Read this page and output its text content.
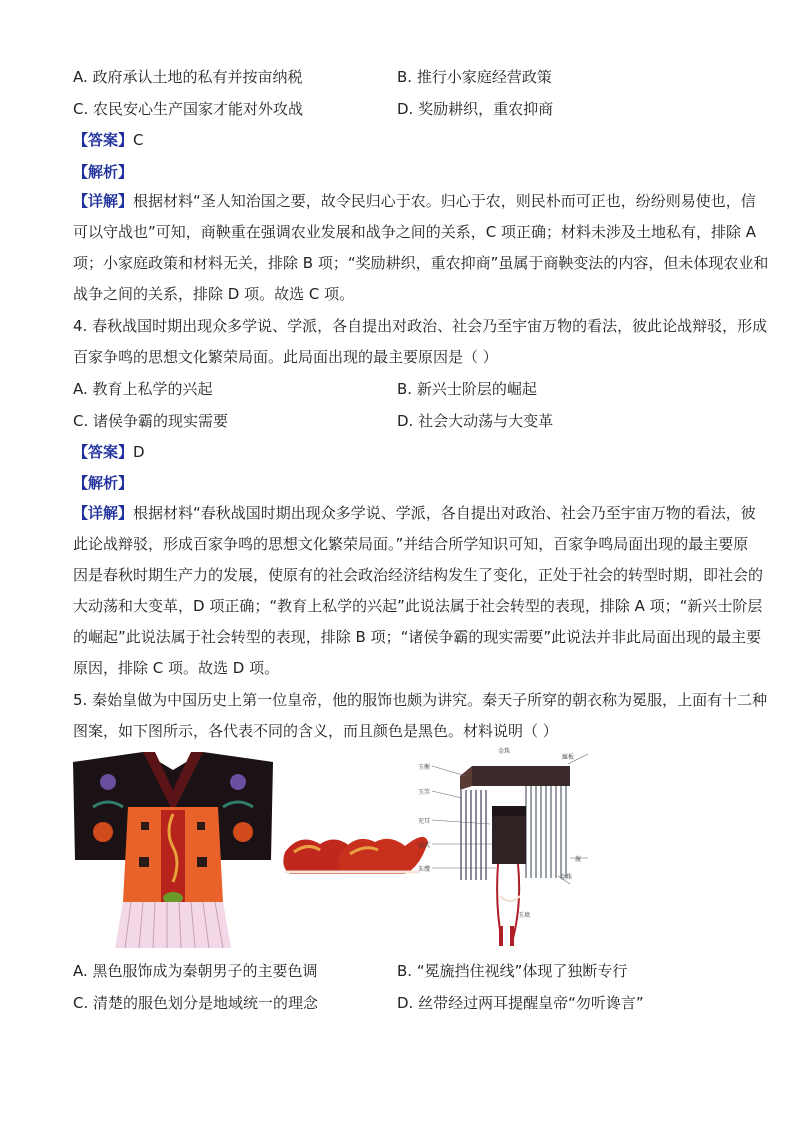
A. 政府承认土地的私有并按亩纳税	B. 推行小家庭经营政策
C. 农民安心生产国家才能对外攻战	D. 奖励耕织，重农抑商
【答案】C
【解析】
【详解】根据材料“圣人知治国之要，故令民归心于农。归心于农，则民朴而可正也，纷纷则易使也，信
可以守战也”可知，商鞅重在强调农业发展和战争之间的关系，C 项正确；材料未涉及土地私有，排除 A
项；小家庭政策和材料无关，排除 B 项；“奖励耕织，重农抑商”虽属于商鞅变法的内容，但未体现农业和
战争之间的关系，排除 D 项。故选 C 项。
4. 春秋战国时期出现众多学说、学派，各自提出对政治、社会乃至宇宙万物的看法，彼此论战辩驳，形成
百家争鸣的思想文化繁荣局面。此局面出现的最主要原因是（ ）
A. 教育上私学的兴起	B. 新兴士阶层的崛起
C. 诸侯争霸的现实需要	D. 社会大动荡与大变革
【答案】D
【解析】
【详解】根据材料“春秋战国时期出现众多学说、学派，各自提出对政治、社会乃至宇宙万物的看法，彼
此论战辩驳，形成百家争鸣的思想文化繁荣局面。”并结合所学知识可知，百家争鸣局面出现的最主要原
因是春秋时期生产力的发展，使原有的社会政治经济结构发生了变化，正处于社会的转型时期，即社会的
大动荡和大变革，D 项正确；“教育上私学的兴起”此说法属于社会转型的表现，排除 A 项；“新兴士阶层
的崛起”此说法属于社会转型的表现，排除 B 项；“诸侯争霸的现实需要”此说法并非此局面出现的最主要
原因，排除 C 项。故选 D 项。
5. 秦始皇做为中国历史上第一位皇帝，他的服饰也颇为讲究。秦天子所穿的朝衣称为冕服，上面有十二种
图案，如下图所示，各代表不同的含义，而且颜色是黑色。材料说明（ ）
金珠
玉衡
玉笄
充耳
冠武
朱缨
綖板
旒
金珠
玉瑱
A. 黑色服饰成为秦朝男子的主要色调	B. “冕旒挡住视线”体现了独断专行
C. 清楚的服色划分是地域统一的理念	D. 丝带经过两耳提醒皇帝“勿听谗言”
